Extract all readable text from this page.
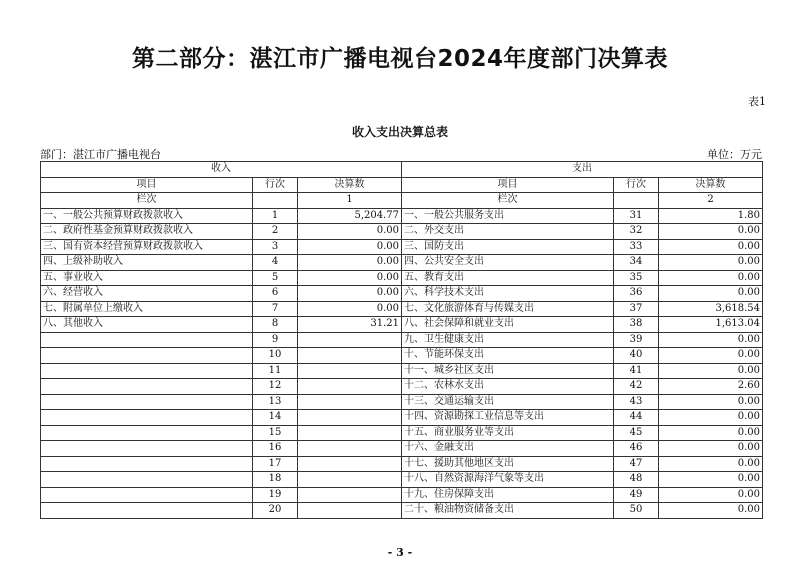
第二部分：湛江市广播电视台2024年度部门决算表
表1
收入支出决算总表
部门：湛江市广播电视台	单位：万元
收入			支出		
项目	行次	决算数	项目	行次	决算数
栏次		1	栏次		2
一、一般公共预算财政拨款收入	1	5,204.77	一、一般公共服务支出	31	1.80
二、政府性基金预算财政拨款收入	2	0.00	二、外交支出	32	0.00
三、国有资本经营预算财政拨款收入	3	0.00	三、国防支出	33	0.00
四、上级补助收入	4	0.00	四、公共安全支出	34	0.00
五、事业收入	5	0.00	五、教育支出	35	0.00
六、经营收入	6	0.00	六、科学技术支出	36	0.00
七、附属单位上缴收入	7	0.00	七、文化旅游体育与传媒支出	37	3,618.54
八、其他收入	8	31.21	八、社会保障和就业支出	38	1,613.04
	9		九、卫生健康支出	39	0.00
	10		十、节能环保支出	40	0.00
	11		十一、城乡社区支出	41	0.00
	12		十二、农林水支出	42	2.60
	13		十三、交通运输支出	43	0.00
	14		十四、资源勘探工业信息等支出	44	0.00
	15		十五、商业服务业等支出	45	0.00
	16		十六、金融支出	46	0.00
	17		十七、援助其他地区支出	47	0.00
	18		十八、自然资源海洋气象等支出	48	0.00
	19		十九、住房保障支出	49	0.00
	20		二十、粮油物资储备支出	50	0.00
- 3 -
